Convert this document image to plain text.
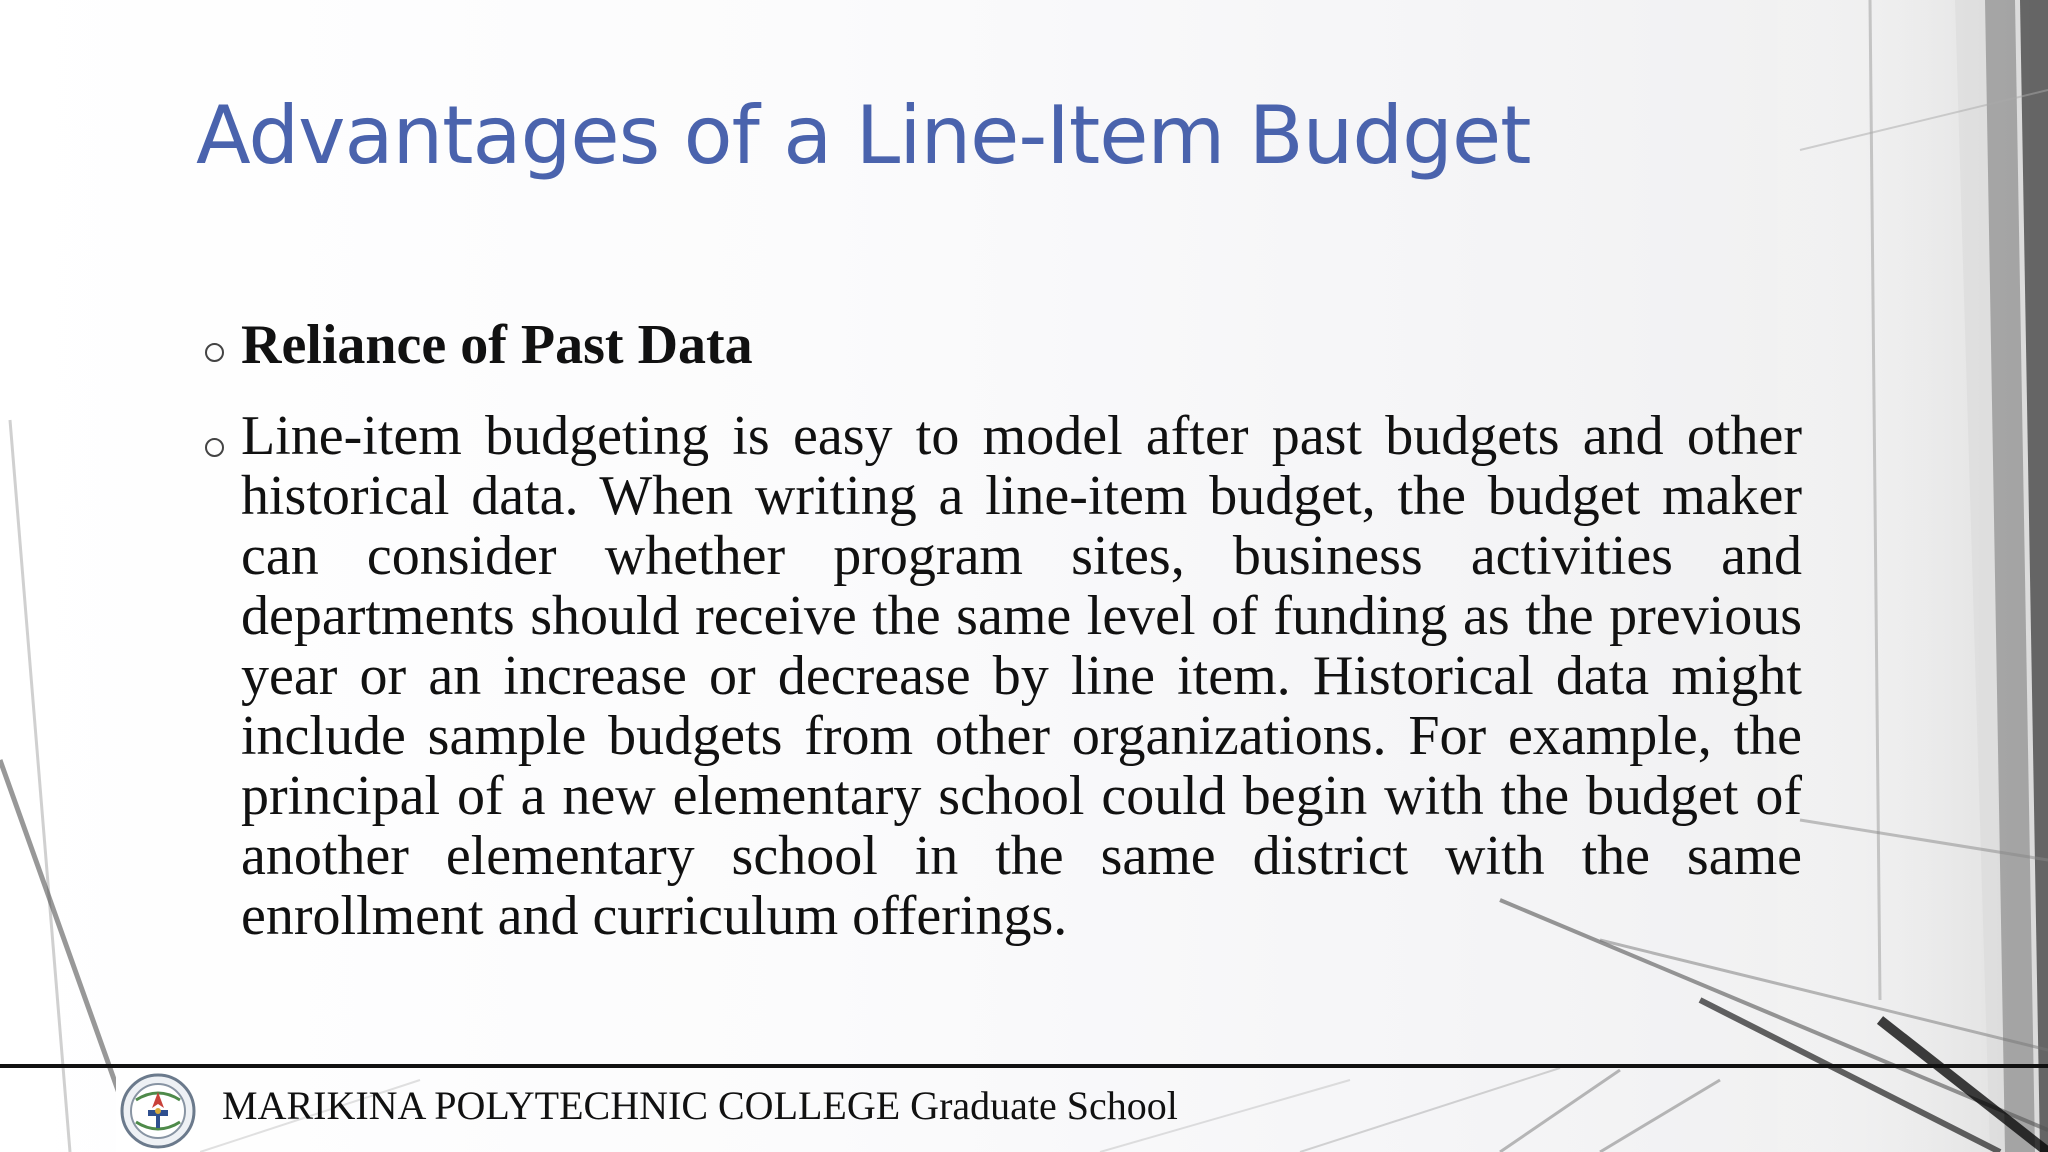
Advantages of a Line-Item Budget
Reliance of Past Data
Line-item budgeting is easy to model after past budgets and other historical data. When writing a line-item budget, the budget maker can consider whether program sites, business activities and departments should receive the same level of funding as the previous year or an increase or decrease by line item. Historical data might include sample budgets from other organizations. For example, the principal of a new elementary school could begin with the budget of another elementary school in the same district with the same enrollment and curriculum offerings.
MARIKINA POLYTECHNIC COLLEGE Graduate School
